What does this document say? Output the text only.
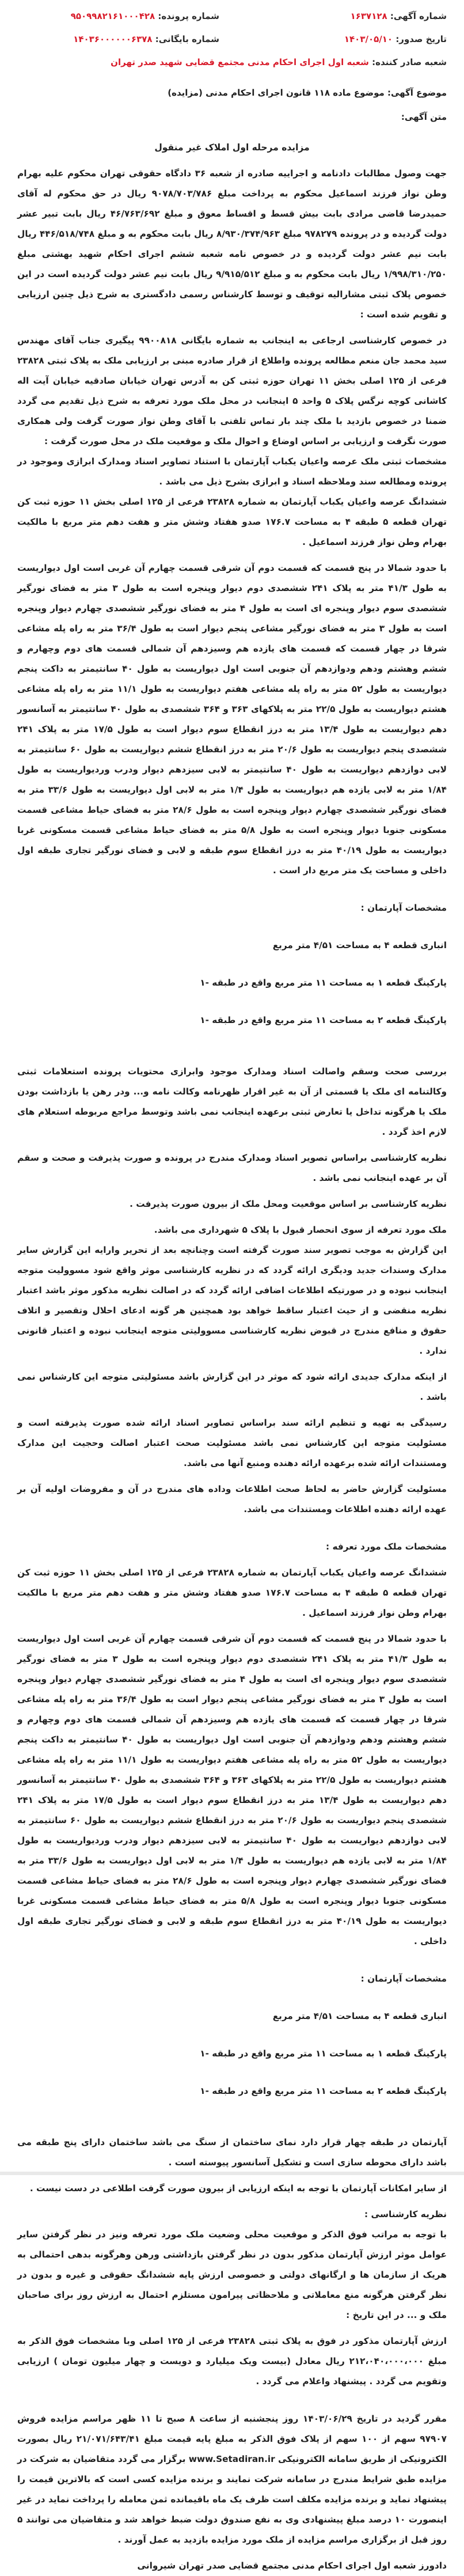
شماره آگهی: ۱۶۳۷۱۲۸
شماره پرونده: ۹۵۰۹۹۸۲۱۶۱۰۰۰۴۲۸
تاریخ صدور: ۱۴۰۳/۰۵/۱۰
شماره بایگانی: ۱۴۰۳۶۰۰۰۰۰۰۶۳۷۸
شعبه صادر کننده: شعبه اول اجرای احکام مدنی مجتمع قضایی شهید صدر تهران

موضوع آگهی: موضوع ماده ۱۱۸ قانون اجرای احکام مدنی (مزایده)

متن آگهی:

مزایده مرحله اول املاک غیر منقول

جهت وصول مطالبات دادنامه و اجراییه صادره از شعبه ۳۶ دادگاه حقوقی تهران محکوم علیه بهرام وطن نواز فرزند اسماعیل محکوم به پرداخت مبلغ ۹۰۷۸/۷۰۳/۷۸۶ ریال در حق محکوم له آقای حمیدرضا قاضی مرادی بابت بیش قسط و اقساط معوق و مبلغ ۴۶/۷۶۳/۶۹۲ ریال بابت تبیر عشر دولت گردیده و در پرونده ۹۷۸۲۷۹ مبلغ ۸/۹۳۰/۳۷۴/۹۶۳ ریال بابت محکوم به و مبلغ ۴۴۶/۵۱۸/۷۴۸ ریال بابت نیم عشر دولت گردیده و در خصوص نامه شعبه ششم اجرای احکام شهید بهشتی مبلغ ۱/۹۹۸/۳۱۰/۲۵۰ ریال بابت محکوم به و مبلغ ۹/۹۱۵/۵۱۲ ریال بابت نیم عشر دولت گردیده است در این خصوص پلاک ثبتی مشارالیه توقیف و توسط کارشناس رسمی دادگستری به شرح ذیل چنین ارزیابی و تقویم شده است :

در خصوص کارشناسی ارجاعی به اینجانب به شماره بایگانی ۹۹۰۰۸۱۸ پیگیری جناب آقای مهندس سید محمد جان منعم مطالعه پرونده واطلاع از قرار صادره مبنی بر ارزیابی ملک به پلاک ثبتی ۲۳۸۲۸ فرعی از ۱۲۵ اصلی بخش ۱۱ تهران حوزه ثبتی کن به آدرس تهران خیابان صادقیه خیابان آیت اله کاشانی کوچه نرگس پلاک ۵ واحد ۵ اینجانب در محل ملک مورد تعرفه به شرح ذیل تقدیم می گردد ضمنا در خصوص بازدید با ملک چند بار تماس تلفنی با آقای وطن نواز صورت گرفت ولی همکاری صورت نگرفت و ارزیابی بر اساس اوضاع و احوال ملک و موقعیت ملک در محل صورت گرفت :

مشخصات ثبتی ملک عرصه واعیان یکباب آپارتمان با استناد تصاویر اسناد ومدارک ابرازی وموجود در پرونده ومطالعه سند وملاحظه اسناد و ابرازی بشرح ذیل می باشد .

ششدانگ عرصه واعیان یکباب آپارتمان به شماره ۲۳۸۲۸ فرعی از ۱۲۵ اصلی بخش ۱۱ حوزه ثبت کن تهران قطعه ۵ طبقه ۴ به مساحت ۱۷۶.۷ صدو هفتاد وشش متر و هفت دهم متر مربع با مالکیت بهرام وطن نواز فرزند اسماعیل .

با حدود شمالا در پنج قسمت که قسمت دوم آن شرقی قسمت چهارم آن غربی است اول دیواریست به طول ۴۱/۳ متر به پلاک ۲۴۱ ششصدی دوم دیوار وپنجره است به طول ۳ متر به فضای نورگیر ششصدی سوم دیوار وپنجره ای است به طول ۴ متر به فضای نورگیر ششصدی چهارم دیوار وپنجره است به طول ۳ متر به فضای نورگیر مشاعی پنجم دیوار است به طول ۳۶/۴ متر به راه پله مشاعی شرقا در چهار قسمت که قسمت های یازده هم وسیزدهم آن شمالی قسمت های دوم وچهارم و ششم وهشتم ودهم ودوازدهم آن جنوبی است اول دیواریست به طول ۴۰ سانتیمتر به داکت پنجم دیواریست به طول ۵۲ متر به راه پله مشاعی هفتم دیواریست به طول ۱۱/۱ متر به راه پله مشاعی هشتم دیواریست به طول ۲۲/۵ متر به پلاکهای ۳۶۳ و ۳۶۴ ششصدی به طول ۴۰ سانتیمتر به آسانسور دهم دیواریست به طول ۱۳/۴ متر به درز انقطاع سوم دیوار است به طول ۱۷/۵ متر به پلاک ۲۴۱ ششصدی پنجم دیواریست به طول ۲۰/۶ متر به درز انقطاع ششم دیواریست به طول ۶۰ سانتیمتر به لابی دوازدهم دیواریست به طول ۴۰ سانتیمتر به لابی سیزدهم دیوار ودرب وردیواریست به طول ۱/۸۴ متر به لابی یازده هم دیواریست به طول ۱/۴ متر به لابی اول دیواریست به طول ۳۳/۶ متر به فضای نورگیر ششصدی چهارم دیوار وپنجره است به طول ۲۸/۶ متر به فضای حیاط مشاعی قسمت مسکونی جنوبا دیوار وپنجره است به طول ۵/۸ متر به فضای حیاط مشاعی قسمت مسکونی غربا دیواریست به طول ۴۰/۱۹ متر به درز انقطاع سوم طبقه و لابی و فضای نورگیر تجاری طبقه اول داخلی و مساحت یک متر مربع دار است .

مشخصات آپارتمان :

انباری قطعه ۴ به مساحت ۴/۵۱ متر مربع

پارکینگ قطعه ۱ به مساحت ۱۱ متر مربع واقع در طبقه -۱

پارکینگ قطعه ۲ به مساحت ۱۱ متر مربع واقع در طبقه -۱

بررسی صحت وسقم واصالت اسناد ومدارک موجود وابرازی محتویات پرونده استعلامات ثبتی وکالتنامه ای ملک یا قسمتی از آن به غیر اقرار ظهرنامه وکالت نامه و... ودر رهن یا بازداشت بودن ملک یا هرگونه تداخل یا تعارض ثبتی برعهده اینجانب نمی باشد وتوسط مراجع مربوطه استعلام های لازم اخذ گردد .

نظریه کارشناسی براساس تصویر اسناد ومدارک مندرج در پرونده و صورت پذیرفت و صحت و سقم آن بر عهده اینجانب نمی باشد .

نظریه کارشناسی بر اساس موقعیت ومحل ملک از بیرون صورت پذیرفت .

ملک مورد تعرفه از سوی انحصار قبول با پلاک ۵ شهرداری می باشد.

این گزارش به موجب تصویر سند صورت گرفته است وچنانچه بعد از تحریر وارایه این گزارش سایر مدارک وسندات جدید ودیگری ارائه گردد که در نظریه کارشناسی موثر واقع شود مسوولیت متوجه اینجانب نبوده و در صورتیکه اطلاعات اضافی ارائه گردد که در اصالت نظریه مذکور موثر باشد اعتبار نظریه منقضی و از حیث اعتبار ساقط خواهد بود همچنین هر گونه ادعای احلال وتقصیر و اتلاف حقوق و منافع مندرج در قبوض نظریه کارشناسی مسوولیتی متوجه اینجانب نبوده و اعتبار قانونی ندارد .

از اینکه مدارک جدیدی ارائه شود که موثر در این گزارش باشد مسئولیتی متوجه این کارشناس نمی باشد .

رسیدگی به تهیه و تنظیم ارائه سند براساس تصاویر اسناد ارائه شده صورت پذیرفته است و مسئولیت متوجه این کارشناس نمی باشد مسئولیت صحت اعتبار اصالت وحجیت این مدارک ومستندات ارائه شده برعهده ارائه دهنده ومنبع آنها می باشد.

مسئولیت گزارش حاضر به لحاظ صحت اطلاعات وداده های مندرج در آن و مفروضات اولیه آن بر عهده ارائه دهنده اطلاعات ومستندات می باشد.

مشخصات ملک مورد تعرفه :

ششدانگ عرصه واعیان یکباب آپارتمان به شماره ۲۳۸۲۸ فرعی از ۱۲۵ اصلی بخش ۱۱ حوزه ثبت کن تهران قطعه ۵ طبقه ۴ به مساحت ۱۷۶.۷ صدو هفتاد وشش متر و هفت دهم متر مربع با مالکیت بهرام وطن نواز فرزند اسماعیل .

با حدود شمالا در پنج قسمت که قسمت دوم آن شرقی قسمت چهارم آن غربی است اول دیواریست به طول ۴۱/۳ متر به پلاک ۲۴۱ ششصدی دوم دیوار وپنجره است به طول ۳ متر به فضای نورگیر ششصدی سوم دیوار وپنجره ای است به طول ۴ متر به فضای نورگیر ششصدی چهارم دیوار وپنجره است به طول ۳ متر به فضای نورگیر مشاعی پنجم دیوار است به طول ۳۶/۴ متر به راه پله مشاعی شرقا در چهار قسمت که قسمت های یازده هم وسیزدهم آن شمالی قسمت های دوم وچهارم و ششم وهشتم ودهم ودوازدهم آن جنوبی است اول دیواریست به طول ۴۰ سانتیمتر به داکت پنجم دیواریست به طول ۵۲ متر به راه پله مشاعی هفتم دیواریست به طول ۱۱/۱ متر به راه پله مشاعی هشتم دیواریست به طول ۲۲/۵ متر به پلاکهای ۳۶۳ و ۳۶۴ ششصدی به طول ۴۰ سانتیمتر به آسانسور دهم دیواریست به طول ۱۳/۴ متر به درز انقطاع سوم دیوار است به طول ۱۷/۵ متر به پلاک ۲۴۱ ششصدی پنجم دیواریست به طول ۲۰/۶ متر به درز انقطاع ششم دیواریست به طول ۶۰ سانتیمتر به لابی دوازدهم دیواریست به طول ۴۰ سانتیمتر به لابی سیزدهم دیوار ودرب وردیواریست به طول ۱/۸۴ متر به لابی یازده هم دیواریست به طول ۱/۴ متر به لابی اول دیواریست به طول ۳۳/۶ متر به فضای نورگیر ششصدی چهارم دیوار وپنجره است به طول ۲۸/۶ متر به فضای حیاط مشاعی قسمت مسکونی جنوبا دیوار وپنجره است به طول ۵/۸ متر به فضای حیاط مشاعی قسمت مسکونی غربا دیواریست به طول ۴۰/۱۹ متر به درز انقطاع سوم طبقه و لابی و فضای نورگیر تجاری طبقه اول داخلی .

مشخصات آپارتمان :

انباری قطعه ۴ به مساحت ۴/۵۱ متر مربع

پارکینگ قطعه ۱ به مساحت ۱۱ متر مربع واقع در طبقه -۱

پارکینگ قطعه ۲ به مساحت ۱۱ متر مربع واقع در طبقه -۱

آپارتمان در طبقه چهار قرار دارد نمای ساختمان از سنگ می باشد ساختمان دارای پنج طبقه می باشد دارای محوطه سازی است و تشکیل آسانسور پیوسته است .

از سایر امکانات آپارتمان با توجه به اینکه ارزیابی از بیرون صورت گرفت اطلاعی در دست نیست .

نظریه کارشناسی :

با توجه به مراتب فوق الذکر و موقعیت محلی وضعیت ملک مورد تعرفه ونیز در نظر گرفتن سایر عوامل موثر ارزش آپارتمان مذکور بدون در نظر گرفتن بازداشتی ورهن وهرگونه بدهی احتمالی به هریک از سازمان ها و ارگانهای دولتی و خصوصی ارزش پایه ششدانگ حقوقی و غیره و بدون در نظر گرفتن هرگونه منع معاملاتی و ملاحظاتی پیرامون مستلزم احتمال به ارزش روز برای صاحبان ملک و ... در این تاریخ :

ارزش آپارتمان مذکور در فوق به پلاک ثبتی ۲۳۸۲۸ فرعی از ۱۲۵ اصلی وبا مشخصات فوق الذکر به مبلغ ۲۱۲،۰۴۰،۰۰۰،۰۰۰ ریال معادل (بیست ویک میلیارد و دویست و چهار میلیون تومان ) ارزیابی وتقویم می گردد . پیشنهاد واعلام می گردد .

مقرر گردید در تاریخ ۱۴۰۳/۰۶/۲۹ روز پنجشنبه از ساعت ۸ صبح تا ۱۱ ظهر مراسم مزایده فروش ۹۷۹۰۷ سهم از ۱۰۰ سهم از پلاک فوق الذکر به مبلغ پایه قیمت مبلغ ۲۱/۰۷۱/۶۴۳/۴۱ ریال بصورت الکترونیکی از طریق سامانه الکترونیکی www.Setadiran.ir برگزار می گردد متقاضیان به شرکت در مزایده طبق شرایط مندرج در سامانه شرکت نمایند و برنده مزایده کسی است که بالاترین قیمت را پیشنهاد نماید و برنده مزایده مکلف است ظرف یک ماه باقیمانده ثمن معامله را پرداخت نماید در غیر اینصورت ۱۰ درصد مبلغ پیشنهادی وی به نفع صندوق دولت ضبط خواهد شد و متقاضیان می توانند ۵ روز قبل از برگزاری مراسم مزایده از ملک مورد مزایده بازدید به عمل آورند .

دادورز شعبه اول اجرای احکام مدنی مجتمع قضایی صدر تهران شیروانی
